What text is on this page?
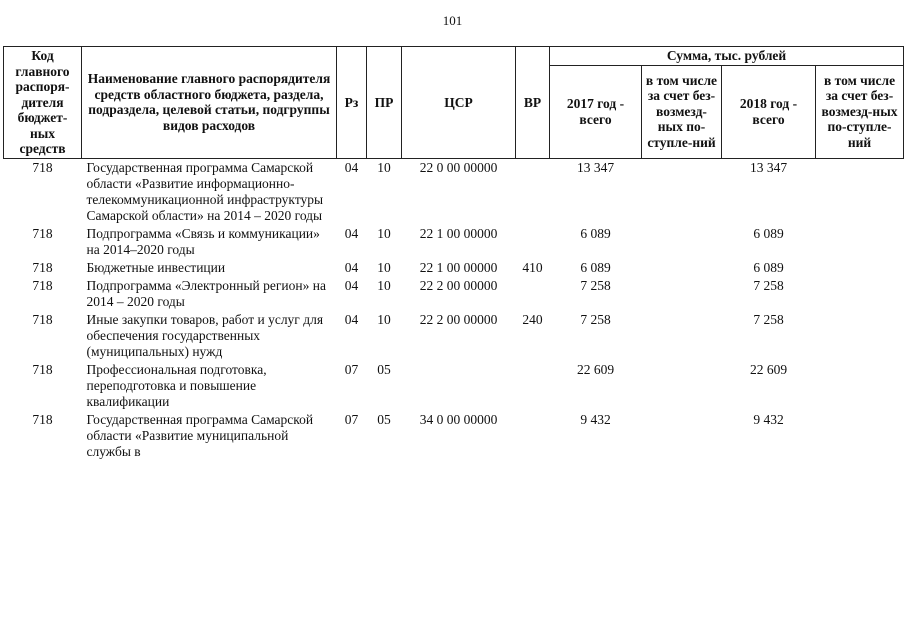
101
Код главного распоря-дителя бюджет-ных средств	Наименование главного распорядителя средств областного бюджета, раздела, подраздела, целевой статьи, подгруппы видов расходов	Рз	ПР	ЦСР	ВР	Сумма, тыс. рублей			
						2017 год - всего	в том числе за счет без-возмезд-ных по-ступле-ний	2018 год - всего	в том числе за счет без-возмезд-ных по-ступле-ний
718	Государственная программа Самарской области «Развитие информационно-телекоммуникационной инфраструктуры Самарской области» на 2014 – 2020 годы	04	10	22 0 00 00000		13 347		13 347	
718	Подпрограмма «Связь и коммуникации» на 2014–2020 годы	04	10	22 1 00 00000		6 089		6 089	
718	Бюджетные инвестиции	04	10	22 1 00 00000	410	6 089		6 089	
718	Подпрограмма «Электронный регион» на 2014 – 2020 годы	04	10	22 2 00 00000		7 258		7 258	
718	Иные закупки товаров, работ и услуг для обеспечения государственных (муниципальных) нужд	04	10	22 2 00 00000	240	7 258		7 258	
718	Профессиональная подготовка, переподготовка и повышение квалификации	07	05			22 609		22 609	
718	Государственная программа Самарской области «Развитие муниципальной службы в	07	05	34 0 00 00000		9 432		9 432	
